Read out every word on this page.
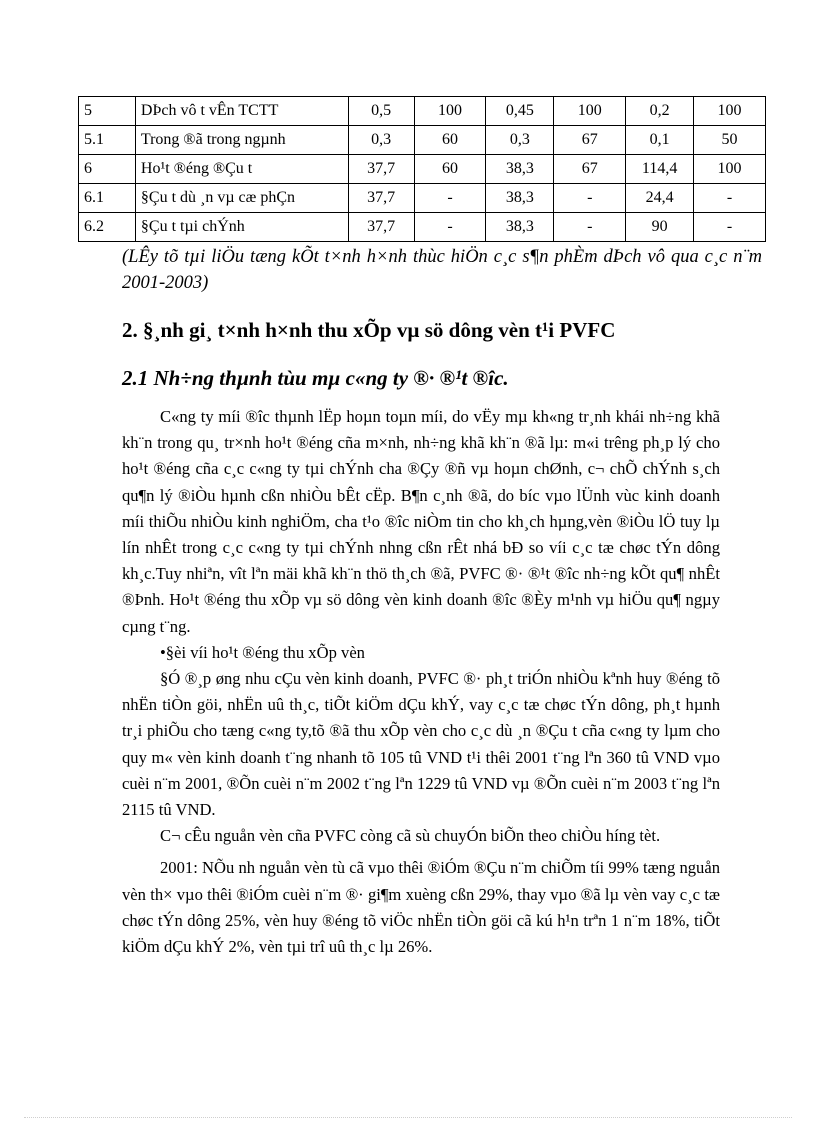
5	DÞch vô t vÊn TCTT	0,5	100	0,45	100	0,2	100
5.1	Trong ®ã trong ngµnh	0,3	60	0,3	67	0,1	50
6	Ho¹t ®éng ®Çu t	37,7	60	38,3	67	114,4	100
6.1	§Çu t dù ¸n vµ cæ phÇn	37,7	-	38,3	-	24,4	-
6.2	§Çu t tµi chÝnh	37,7	-	38,3	-	90	-
(LÊy tõ tµi liÖu tæng kÕt t×nh h×nh thùc hiÖn c¸c s¶n phÈm dÞch vô qua c¸c n¨m 2001-2003)
2. §¸nh gi¸ t×nh h×nh thu xÕp vµ sö dông vèn t¹i PVFC
2.1 Nh÷ng thµnh tùu mµ c«ng ty ®· ®¹t ®îc.

C«ng ty míi ®îc thµnh lËp hoµn toµn míi, do vËy mµ kh«ng tr¸nh khái nh÷ng khã kh¨n trong qu¸ tr×nh ho¹t ®éng cña m×nh, nh÷ng khã kh¨n ®ã lµ: m«i trêng ph¸p lý cho ho¹t ®éng cña c¸c c«ng ty tµi chÝnh cha ®Çy ®ñ vµ hoµn chØnh, c¬ chÕ chÝnh s¸ch qu¶n lý ®iÒu hµnh cßn nhiÒu bÊt cËp. B¶n c¸nh ®ã, do bíc vµo lÜnh vùc kinh doanh míi thiÕu nhiÒu kinh nghiÖm, cha t¹o ®îc niÒm tin cho kh¸ch hµng,vèn ®iÒu lÖ tuy lµ lín nhÊt trong c¸c c«ng ty tµi chÝnh nhng cßn rÊt nhá bÐ so víi c¸c tæ chøc tÝn dông kh¸c.Tuy nhiªn, vît lªn mäi khã kh¨n thö th¸ch ®ã, PVFC ®· ®¹t ®îc nh÷ng kÕt qu¶ nhÊt ®Þnh. Ho¹t ®éng thu xÕp vµ sö dông vèn kinh doanh ®îc ®Èy m¹nh vµ hiÖu qu¶ ngµy cµng t¨ng.

•§èi víi ho¹t ®éng thu xÕp vèn

§Ó ®¸p øng nhu cÇu vèn kinh doanh, PVFC ®· ph¸t triÓn nhiÒu kªnh huy ®éng tõ nhËn tiÒn göi, nhËn uû th¸c, tiÕt kiÖm dÇu khÝ, vay c¸c tæ chøc tÝn dông, ph¸t hµnh tr¸i phiÕu cho tæng c«ng ty,tõ ®ã thu xÕp vèn cho c¸c dù ¸n ®Çu t cña c«ng ty lµm cho quy m« vèn kinh doanh t¨ng nhanh tõ 105 tû VND t¹i thêi 2001 t¨ng lªn 360 tû VND vµo cuèi n¨m 2001, ®Õn cuèi n¨m 2002 t¨ng lªn 1229 tû VND vµ ®Õn cuèi n¨m 2003 t¨ng lªn 2115 tû VND.

C¬ cÊu nguån vèn cña PVFC còng cã sù chuyÓn biÕn theo chiÒu híng tèt.

2001: NÕu nh nguån vèn tù cã vµo thêi ®iÓm ®Çu n¨m chiÕm tíi 99% tæng nguån vèn th× vµo thêi ®iÓm cuèi n¨m ®· gi¶m xuèng cßn 29%, thay vµo ®ã lµ vèn vay c¸c tæ chøc tÝn dông 25%, vèn huy ®éng tõ viÖc nhËn tiÒn göi cã kú h¹n trªn 1 n¨m 18%, tiÕt kiÖm dÇu khÝ 2%, vèn tµi trî uû th¸c lµ 26%.
